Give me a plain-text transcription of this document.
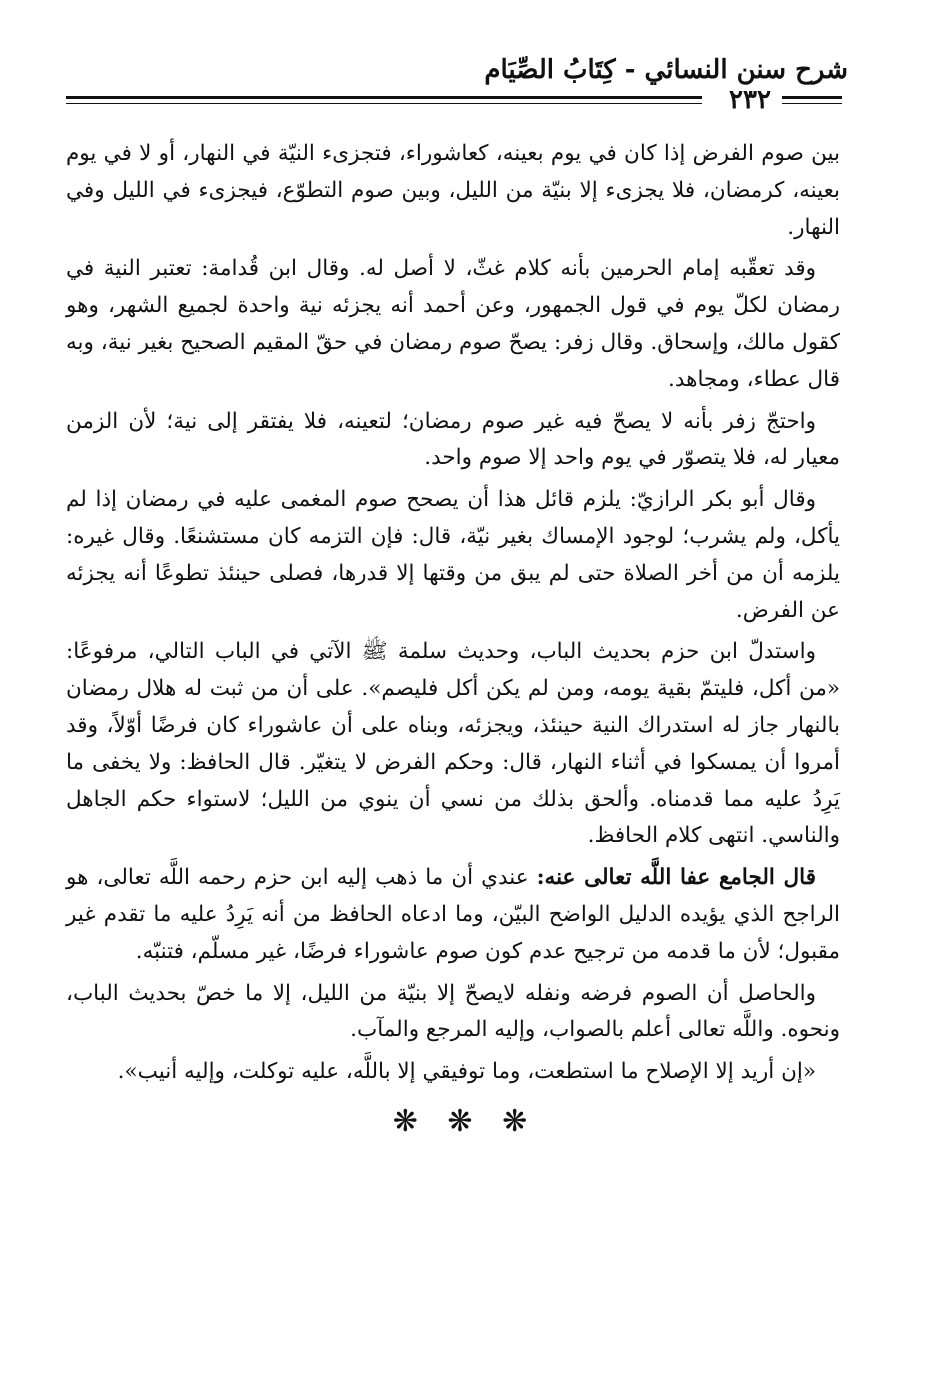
شرح سنن النسائي - كِتَابُ الصِّيَام
٢٣٢

بين صوم الفرض إذا كان في يوم بعينه، كعاشوراء، فتجزىء النيّة في النهار، أو لا في يوم بعينه، كرمضان، فلا يجزىء إلا بنيّة من الليل، وبين صوم التطوّع، فيجزىء في الليل وفي النهار.

وقد تعقّبه إمام الحرمين بأنه كلام غثّ، لا أصل له. وقال ابن قُدامة: تعتبر النية في رمضان لكلّ يوم في قول الجمهور، وعن أحمد أنه يجزئه نية واحدة لجميع الشهر، وهو كقول مالك، وإسحاق. وقال زفر: يصحّ صوم رمضان في حقّ المقيم الصحيح بغير نية، وبه قال عطاء، ومجاهد.

واحتجّ زفر بأنه لا يصحّ فيه غير صوم رمضان؛ لتعينه، فلا يفتقر إلى نية؛ لأن الزمن معيار له، فلا يتصوّر في يوم واحد إلا صوم واحد.

وقال أبو بكر الرازيّ: يلزم قائل هذا أن يصحح صوم المغمى عليه في رمضان إذا لم يأكل، ولم يشرب؛ لوجود الإمساك بغير نيّة، قال: فإن التزمه كان مستشنعًا. وقال غيره: يلزمه أن من أخر الصلاة حتى لم يبق من وقتها إلا قدرها، فصلى حينئذ تطوعًا أنه يجزئه عن الفرض.

واستدلّ ابن حزم بحديث الباب، وحديث سلمة ﷺ الآتي في الباب التالي، مرفوعًا: «من أكل، فليتمّ بقية يومه، ومن لم يكن أكل فليصم». على أن من ثبت له هلال رمضان بالنهار جاز له استدراك النية حينئذ، ويجزئه، وبناه على أن عاشوراء كان فرضًا أوّلاً، وقد أمروا أن يمسكوا في أثناء النهار، قال: وحكم الفرض لا يتغيّر. قال الحافظ: ولا يخفى ما يَرِدُ عليه مما قدمناه. وألحق بذلك من نسي أن ينوي من الليل؛ لاستواء حكم الجاهل والناسي. انتهى كلام الحافظ.

قال الجامع عفا اللَّه تعالى عنه: عندي أن ما ذهب إليه ابن حزم رحمه اللَّه تعالى، هو الراجح الذي يؤيده الدليل الواضح البيّن، وما ادعاه الحافظ من أنه يَرِدُ عليه ما تقدم غير مقبول؛ لأن ما قدمه من ترجيح عدم كون صوم عاشوراء فرضًا، غير مسلّم، فتنبّه.

والحاصل أن الصوم فرضه ونفله لايصحّ إلا بنيّة من الليل، إلا ما خصّ بحديث الباب، ونحوه. واللَّه تعالى أعلم بالصواب، وإليه المرجع والمآب.

«إن أريد إلا الإصلاح ما استطعت، وما توفيقي إلا باللَّه، عليه توكلت، وإليه أنيب».

❋ ❋ ❋
